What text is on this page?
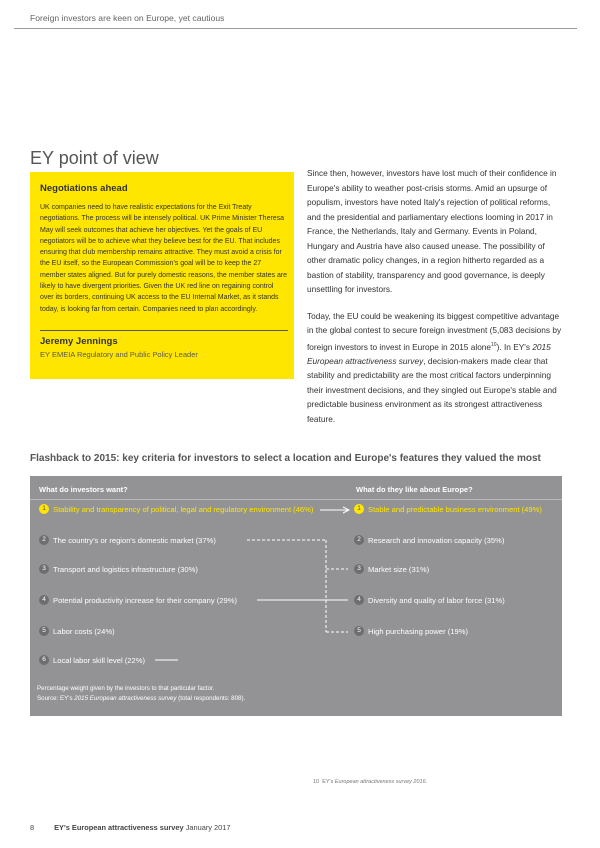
Foreign investors are keen on Europe, yet cautious
EY point of view
Negotiations ahead
UK companies need to have realistic expectations for the Exit Treaty negotiations. The process will be intensely political. UK Prime Minister Theresa May will seek outcomes that achieve her objectives. Yet the goals of EU negotiators will be to achieve what they believe best for the EU. That includes ensuring that club membership remains attractive. They must avoid a crisis for the EU itself, so the European Commission's goal will be to keep the 27 member states aligned. But for purely domestic reasons, the member states are likely to have divergent priorities. Given the UK red line on regaining control over its borders, continuing UK access to the EU Internal Market, as it stands today, is looking far from certain. Companies need to plan accordingly.
Jeremy Jennings
EY EMEIA Regulatory and Public Policy Leader

Since then, however, investors have lost much of their confidence in Europe's ability to weather post-crisis storms. Amid an upsurge of populism, investors have noted Italy's rejection of political reforms, and the presidential and parliamentary elections looming in 2017 in France, the Netherlands, Italy and Germany. Events in Poland, Hungary and Austria have also caused unease. The possibility of other dramatic policy changes, in a region hitherto regarded as a bastion of stability, transparency and good governance, is deeply unsettling for investors.

Today, the EU could be weakening its biggest competitive advantage in the global contest to secure foreign investment (5,083 decisions by foreign investors to invest in Europe in 2015 alone$^{10}$). In EY's 2015 European attractiveness survey, decision-makers made clear that stability and predictability are the most critical factors underpinning their investment decisions, and they singled out Europe's stable and predictable business environment as its strongest attractiveness feature.

Flashback to 2015: key criteria for investors to select a location and Europe's features they valued the most
What do investors want?	What do they like about Europe?
1 Stability and transparency of political, legal and regulatory environment (46%)
2 The country's or region's domestic market (37%)
3 Transport and logistics infrastructure (30%)
4 Potential productivity increase for their company (29%)
5 Labor costs (24%)
6 Local labor skill level (22%)
1 Stable and predictable business environment (49%)
2 Research and innovation capacity (35%)
3 Market size (31%)
4 Diversity and quality of labor force (31%)
5 High purchasing power (19%)
Percentage weight given by the investors to that particular factor.
Source: EY's 2015 European attractiveness survey (total respondents: 808).
10 EY's European attractiveness survey 2016.
8	EY's European attractiveness survey January 2017
